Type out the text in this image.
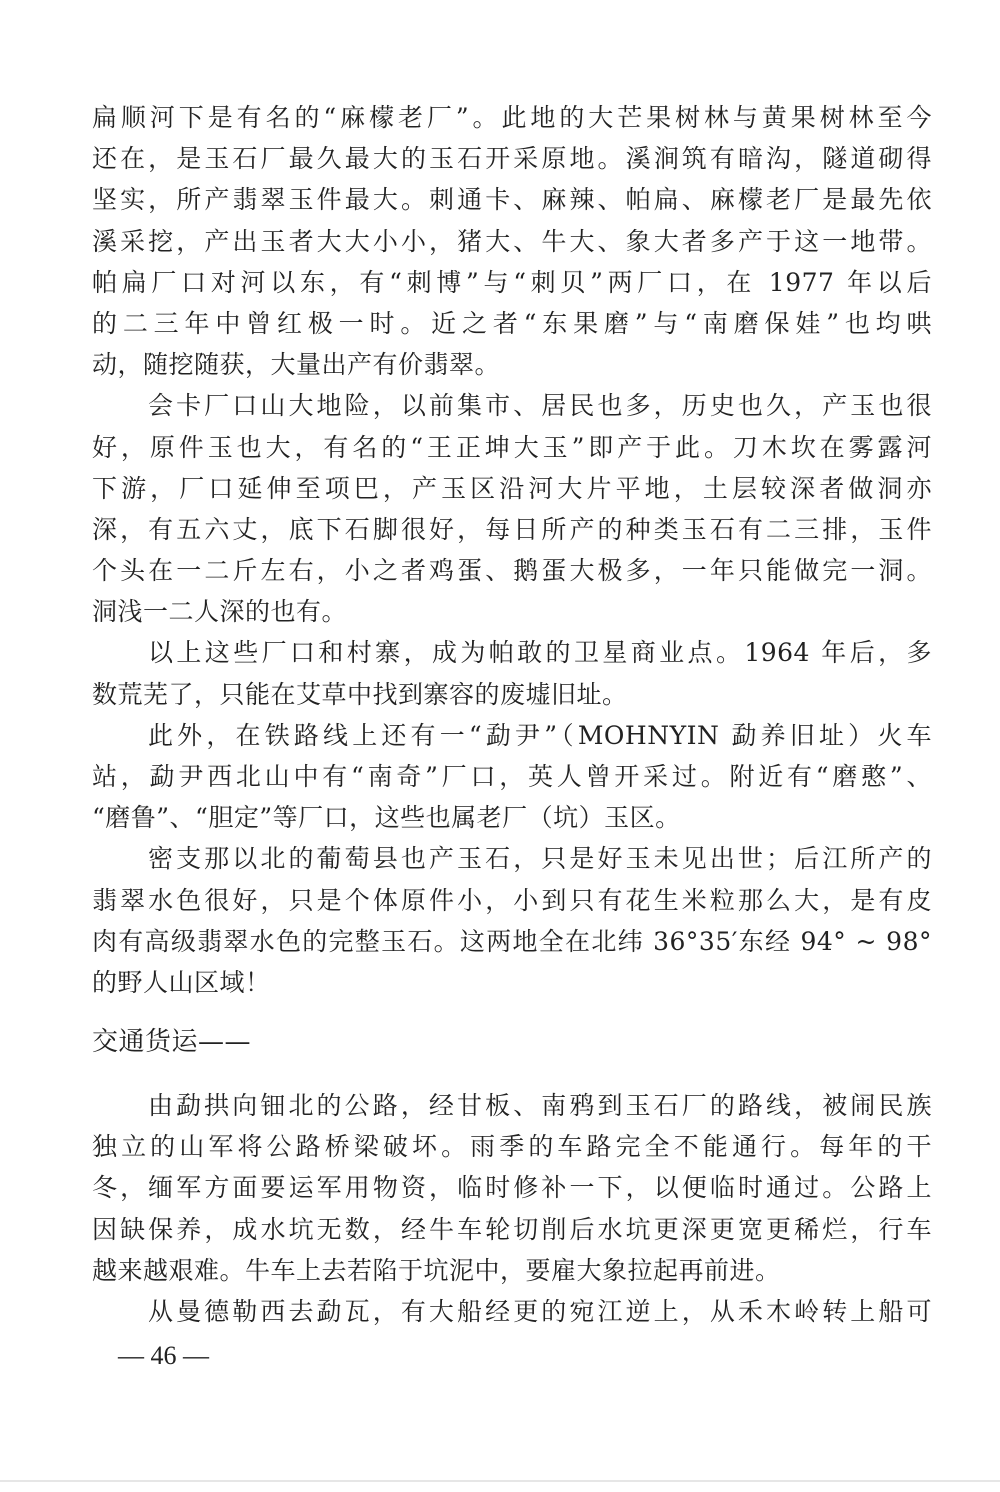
扁顺河下是有名的“麻檬老厂”。此地的大芒果树林与黄果树林至今
还在，是玉石厂最久最大的玉石开采原地。溪涧筑有暗沟，隧道砌得
坚实，所产翡翠玉件最大。刺通卡、麻辣、帕扁、麻檬老厂是最先依
溪采挖，产出玉者大大小小，猪大、牛大、象大者多产于这一地带。
帕扁厂口对河以东，有“刺博”与“刺贝”两厂口，在 1977 年以后
的二三年中曾红极一时。近之者“东果磨”与“南磨保娃”也均哄
动，随挖随获，大量出产有价翡翠。
会卡厂口山大地险，以前集市、居民也多，历史也久，产玉也很
好，原件玉也大，有名的“王正坤大玉”即产于此。刀木坎在雾露河
下游，厂口延伸至项巴，产玉区沿河大片平地，土层较深者做洞亦
深，有五六丈，底下石脚很好，每日所产的种类玉石有二三排，玉件
个头在一二斤左右，小之者鸡蛋、鹅蛋大极多，一年只能做完一洞。
洞浅一二人深的也有。
以上这些厂口和村寨，成为帕敢的卫星商业点。1964 年后，多
数荒芜了，只能在艾草中找到寨容的废墟旧址。
此外，在铁路线上还有一“勐尹”（MOHNYIN 勐养旧址）火车
站，勐尹西北山中有“南奇”厂口，英人曾开采过。附近有“磨憨”、
“磨鲁”、“胆定”等厂口，这些也属老厂（坑）玉区。
密支那以北的葡萄县也产玉石，只是好玉未见出世；后江所产的
翡翠水色很好，只是个体原件小，小到只有花生米粒那么大，是有皮
肉有高级翡翠水色的完整玉石。这两地全在北纬 36°35′东经 94° ~ 98°
的野人山区域！
交通货运——
由勐拱向钿北的公路，经甘板、南鸦到玉石厂的路线，被闹民族
独立的山军将公路桥梁破坏。雨季的车路完全不能通行。每年的干
冬，缅军方面要运军用物资，临时修补一下，以便临时通过。公路上
因缺保养，成水坑无数，经牛车轮切削后水坑更深更宽更稀烂，行车
越来越艰难。牛车上去若陷于坑泥中，要雇大象拉起再前进。
从曼德勒西去勐瓦，有大船经更的宛江逆上，从禾木岭转上船可
— 46 —
